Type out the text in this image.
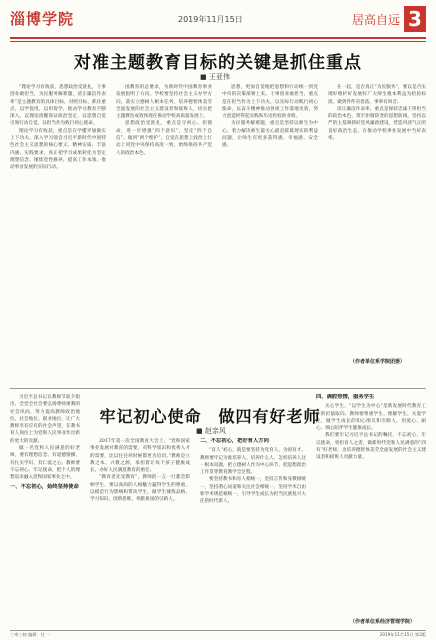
淄博学院	2019年11月15日	居高自远 3
对准主题教育目标的关键是抓住重点
■ 王亚伟

“理论学习有收获，思想政治受洗礼，干事创业敢担当，为民服务解难题，清正廉洁作表率”是主题教育的具体目标。对照目标，抓住重点，以学促用，以用促学，推动学习教育不断深入，以理论清醒保证政治坚定，以思想自觉引领行动自觉，以担当作为践行初心使命。

理论学习有收获，重点是在学懂弄通做实上下功夫。深入学习领会习近平新时代中国特色社会主义思想的核心要义、精神实质、丰富内涵、实践要求，真正把学习成果转化为坚定理想信念、锤炼党性修养、提高工作本领、推动事业发展的实际行动。

国教育的总要求，为新时代中国教育事业发展指明了方向。学校要坚持社会主义办学方向，落实立德树人根本任务，培养德智体美劳全面发展的社会主义建设者和接班人，切实把主题教育成效体现在推动学校高质量发展上。

思想政治受洗礼，重点是守初心、担使命，进一步增强“四个意识”、坚定“四个自信”、做到“两个维护”，自觉在思想上政治上行动上同党中央保持高度一致，始终保持共产党人的政治本色。

思想，更加自觉地把思想和行动统一到党中央的决策部署上来。干事创业敢担当，重点是在担当作为上下功夫，以实际行动践行初心使命，以奋斗精神推动各项工作落地见效，努力创造经得起实践和历史检验的业绩。

为民服务解难题，重点是坚持以师生为中心，着力解决师生最关心最直接最现实的利益问题，让师生有更多获得感、幸福感、安全感。

在一起，是否真正“为民服务”，要以是否实现好维护好发展好广大师生根本利益为检验标准，做到件件有着落、事事有回音。

清正廉洁作表率，重点是保持忠诚干净担当的政治本色，筑牢拒腐防变的思想防线，坚持以严的主基调抓好党风廉政建设，营造风清气正的良好政治生态，在推动学校事业发展中当好表率。

（作者单位系学院团委）
牢记初心使命　做四有好老师
■ 赵亲风

习近平总书记在教师节前夕指出，全党全社会要弘扬尊师重教的社会风尚，努力提高教师政治地位、社会地位、职业地位，让广大教师享有应有的社会声望，在教书育人岗位上为党和人民事业作出新的更大的贡献。

做一名党和人民满意的好老师，要有理想信念、有道德情操、有扎实学识、有仁爱之心。教师要不忘初心、牢记使命，把个人的理想追求融入党和国家事业之中。

一、不忘初心，始终坚持使命

2017年第一次全国教育大会上，“党和国家事业发展对教育的需要、对科学知识和优秀人才的需要，比以往任何时候都更为迫切。”教师是立教之本、兴教之源，承担着让每个孩子健康成长、办好人民满意教育的重任。

“教育者先受教育”，教师的一言一行都会影响学生，要以高尚的人格魅力赢得学生的尊重，以模范行为影响和带动学生，做学生锤炼品格、学习知识、创新思维、奉献祖国的引路人。

二、不忘初心，把好育人方向

“育人”初心，就是要坚持为党育人、为国育才。教师要牢记为谁培养人、培养什么人、怎样培养人这一根本问题，把立德树人作为中心环节，把思想政治工作贯穿教育教学全过程。

要坚持教书和育人相统一，坚持言传和身教相统一，坚持潜心问道和关注社会相统一，坚持学术自由和学术规范相统一，引导学生成长为担当民族复兴大任的时代新人。

四、满腔热情，服务学生

关心学生，“以学生为中心”是新发展时代教育工作的价值取向。教师要尊重学生、理解学生、关爱学生，做学生成长的知心朋友和引路人，用爱心、耐心、细心陪伴学生健康成长。

我们要牢记习近平总书记的嘱托，不忘初心、牢记使命，勇担育人之责，做新时代党和人民满意的“四有”好老师，为培养德智体美劳全面发展的社会主义建设者和接班人贡献力量。

（作者单位系经济管理学院）
三审三校 编辑：任 一	2019年11月15日 第3版
